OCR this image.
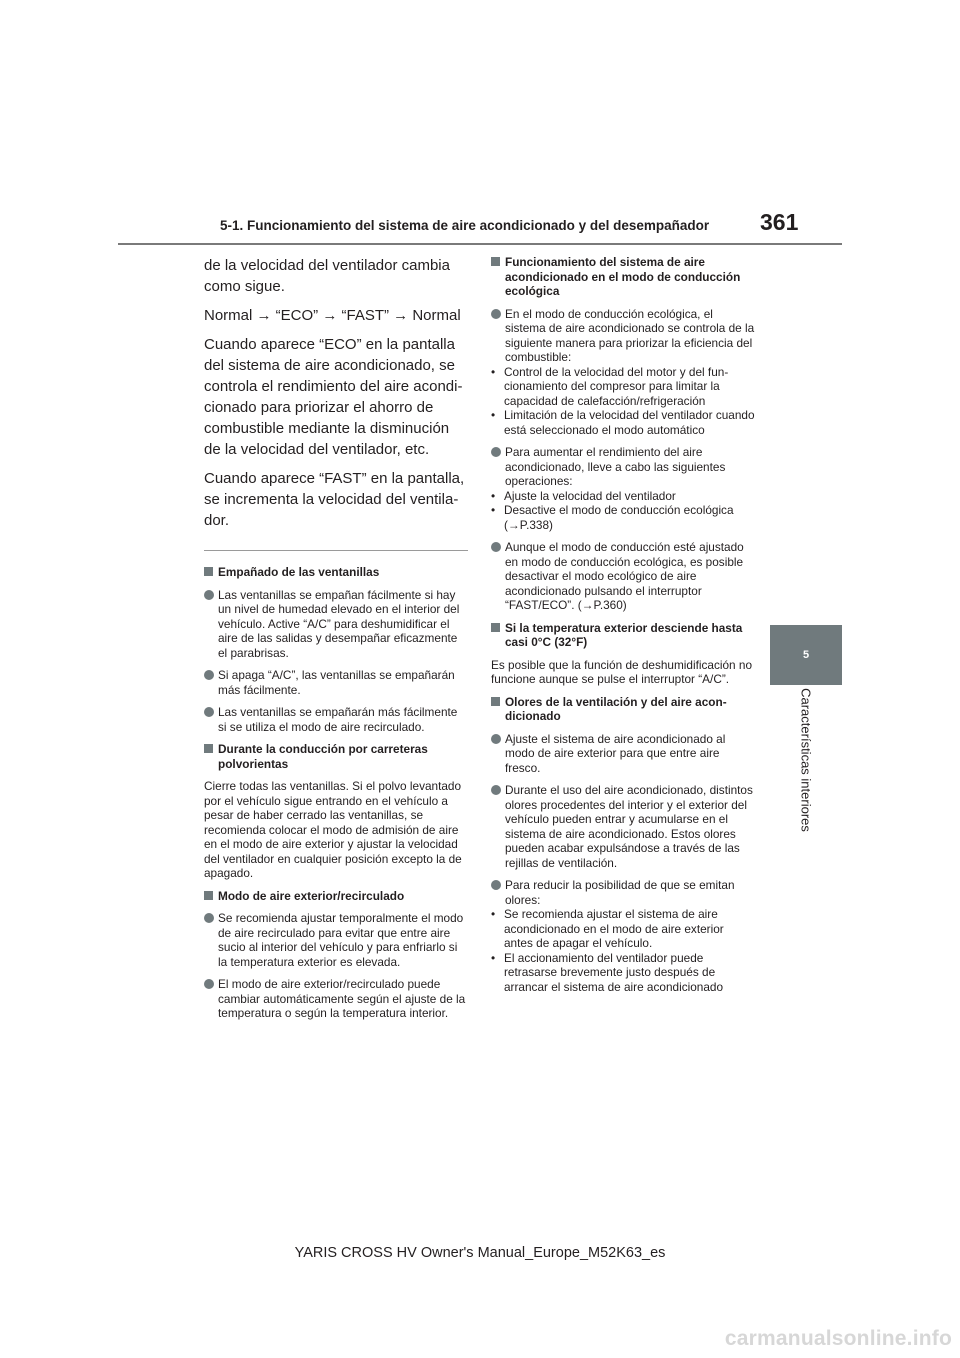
5-1. Funcionamiento del sistema de aire acondicionado y del desempañador	361
5
Características interiores

de la velocidad del ventilador cambia como sigue.

Normal → “ECO” → “FAST” → Normal

Cuando aparece “ECO” en la pantalla del sistema de aire acondicionado, se controla el rendimiento del aire acondicionado para priorizar el ahorro de combustible mediante la disminución de la velocidad del ventilador, etc.

Cuando aparece “FAST” en la pantalla, se incrementa la velocidad del ventilador.

Empañado de las ventanillas
Las ventanillas se empañan fácilmente si hay un nivel de humedad elevado en el interior del vehículo. Active “A/C” para deshumidificar el aire de las salidas y desempañar eficazmente el parabrisas.
Si apaga “A/C”, las ventanillas se empañarán más fácilmente.
Las ventanillas se empañarán más fácilmente si se utiliza el modo de aire recirculado.
Durante la conducción por carreteras polvorientas
Cierre todas las ventanillas. Si el polvo levantado por el vehículo sigue entrando en el vehículo a pesar de haber cerrado las ventanillas, se recomienda colocar el modo de admisión de aire en el modo de aire exterior y ajustar la velocidad del ventilador en cualquier posición excepto la de apagado.
Modo de aire exterior/recirculado
Se recomienda ajustar temporalmente el modo de aire recirculado para evitar que entre aire sucio al interior del vehículo y para enfriarlo si la temperatura exterior es elevada.
El modo de aire exterior/recirculado puede cambiar automáticamente según el ajuste de la temperatura o según la temperatura interior.
Funcionamiento del sistema de aire acondicionado en el modo de conducción ecológica
En el modo de conducción ecológica, el sistema de aire acondicionado se controla de la siguiente manera para priorizar la eficiencia del combustible:
• Control de la velocidad del motor y del funcionamiento del compresor para limitar la capacidad de calefacción/refrigeración
• Limitación de la velocidad del ventilador cuando está seleccionado el modo automático
Para aumentar el rendimiento del aire acondicionado, lleve a cabo las siguientes operaciones:
• Ajuste la velocidad del ventilador
• Desactive el modo de conducción ecológica (→P.338)
Aunque el modo de conducción esté ajustado en modo de conducción ecológica, es posible desactivar el modo ecológico de aire acondicionado pulsando el interruptor “FAST/ECO”. (→P.360)
Si la temperatura exterior desciende hasta casi 0°C (32°F)
Es posible que la función de deshumidificación no funcione aunque se pulse el interruptor “A/C”.
Olores de la ventilación y del aire acondicionado
Ajuste el sistema de aire acondicionado al modo de aire exterior para que entre aire fresco.
Durante el uso del aire acondicionado, distintos olores procedentes del interior y el exterior del vehículo pueden entrar y acumularse en el sistema de aire acondicionado. Estos olores pueden acabar expulsándose a través de las rejillas de ventilación.
Para reducir la posibilidad de que se emitan olores:
• Se recomienda ajustar el sistema de aire acondicionado en el modo de aire exterior antes de apagar el vehículo.
• El accionamiento del ventilador puede retrasarse brevemente justo después de arrancar el sistema de aire acondicionado
YARIS CROSS HV Owner's Manual_Europe_M52K63_es
carmanualsonline.info
